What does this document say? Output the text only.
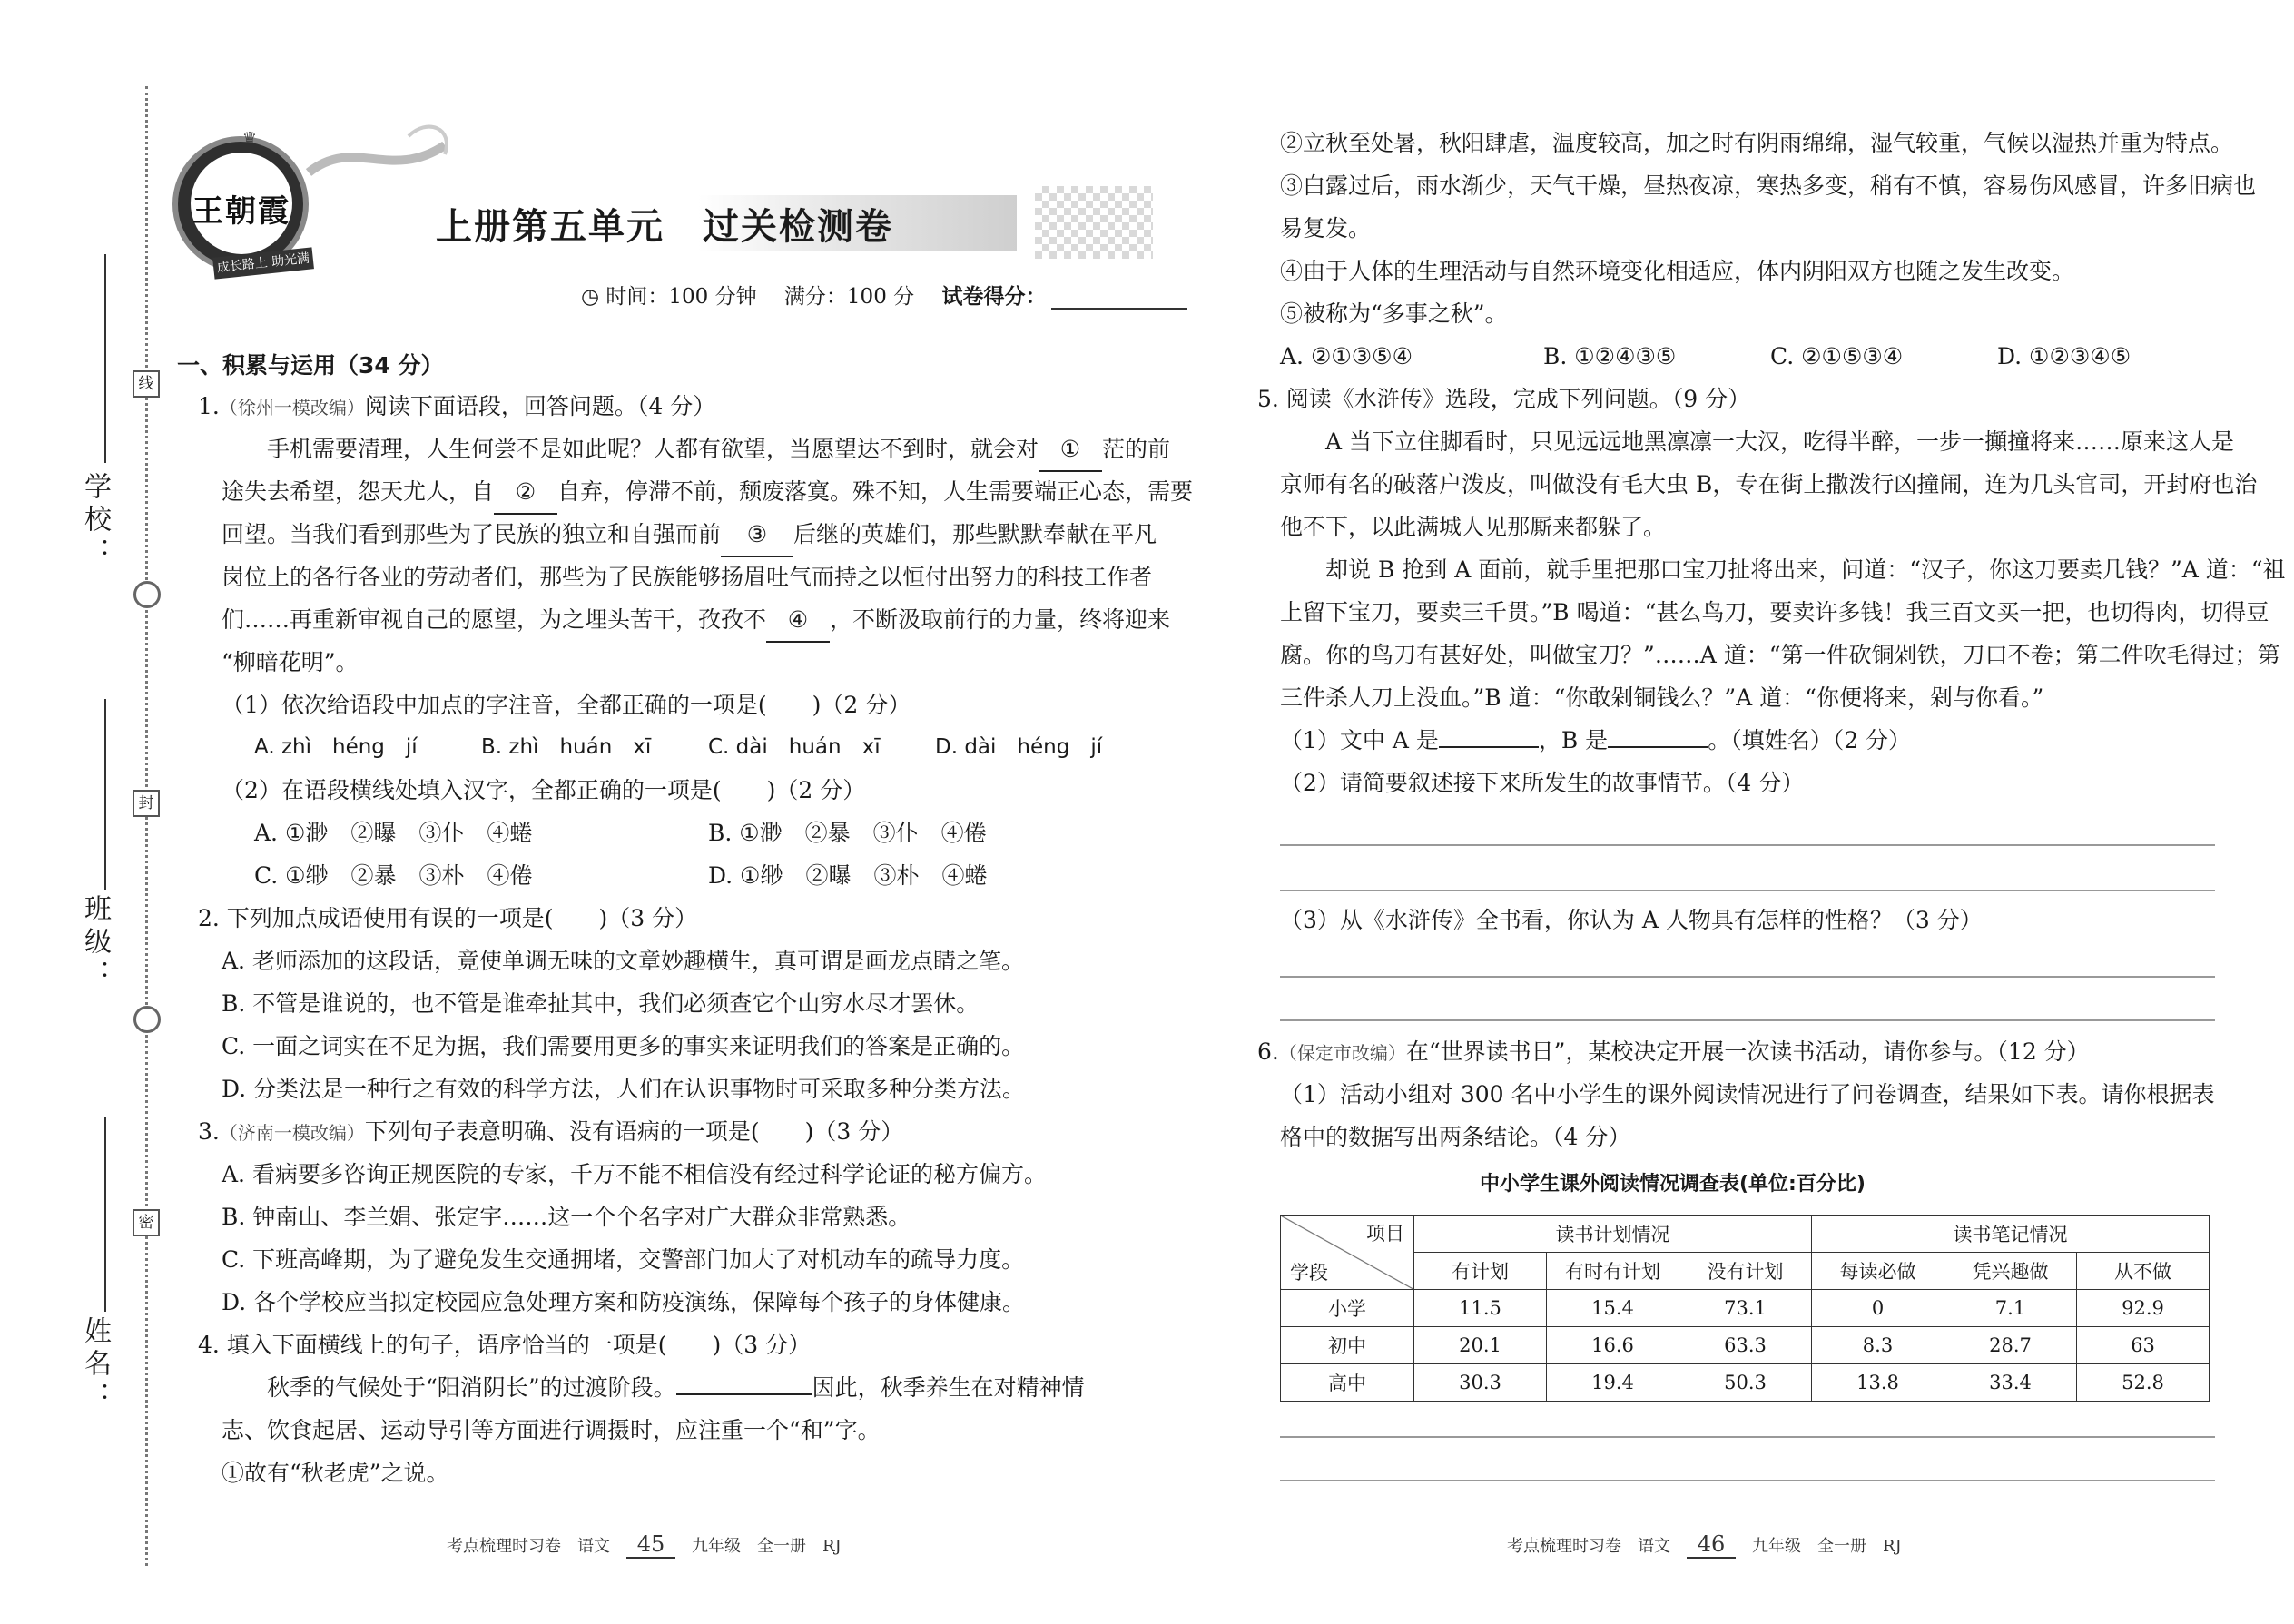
学校：
班级：
姓名：
线
封
密
王朝霞
成长路上 助光满天
♛
上册第五单元　过关检测卷
◷ 时间：100 分钟　 满分：100 分　 试卷得分：
一、积累与运用（34 分）
1.（徐州一模改编）阅读下面语段，回答问题。（4 分）
手机需要清理，人生何尝不是如此呢？人都有欲望，当愿望达不到时，就会对 ① 茫的前
途失去希望，怨天尤人，自 ② 自弃，停滞不前，颓废落寞。殊不知，人生需要端正心态，需要
回望。当我们看到那些为了民族的独立和自强而前 ③ 后继的英雄们，那些默默奉献在平凡
岗位上的各行各业的劳动者们，那些为了民族能够扬眉吐气而持之以恒付出努力的科技工作者
们……再重新审视自己的愿望，为之埋头苦干，孜孜不 ④ ，不断汲取前行的力量，终将迎来
“柳暗花明”。
（1）依次给语段中加点的字注音，全都正确的一项是(　　)（2 分）
A. zhì　héng　jí	B. zhì　huán　xī	C. dài　huán　xī	D. dài　héng　jí
（2）在语段横线处填入汉字，全都正确的一项是(　　)（2 分）
A. ①渺　②曝　③仆　④蜷	B. ①渺　②暴　③仆　④倦
C. ①缈　②暴　③朴　④倦	D. ①缈　②曝　③朴　④蜷
2. 下列加点成语使用有误的一项是(　　)（3 分）
A. 老师添加的这段话，竟使单调无味的文章妙趣横生，真可谓是画龙点睛之笔。
B. 不管是谁说的，也不管是谁牵扯其中，我们必须查它个山穷水尽才罢休。
C. 一面之词实在不足为据，我们需要用更多的事实来证明我们的答案是正确的。
D. 分类法是一种行之有效的科学方法，人们在认识事物时可采取多种分类方法。
3.（济南一模改编）下列句子表意明确、没有语病的一项是(　　)（3 分）
A. 看病要多咨询正规医院的专家，千万不能不相信没有经过科学论证的秘方偏方。
B. 钟南山、李兰娟、张定宇……这一个个名字对广大群众非常熟悉。
C. 下班高峰期，为了避免发生交通拥堵，交警部门加大了对机动车的疏导力度。
D. 各个学校应当拟定校园应急处理方案和防疫演练，保障每个孩子的身体健康。
4. 填入下面横线上的句子，语序恰当的一项是(　　)（3 分）
秋季的气候处于“阳消阴长”的过渡阶段。	因此，秋季养生在对精神情
志、饮食起居、运动导引等方面进行调摄时，应注重一个“和”字。
①故有“秋老虎”之说。
考点梳理时习卷　语文 45 九年级　全一册　RJ
②立秋至处暑，秋阳肆虐，温度较高，加之时有阴雨绵绵，湿气较重，气候以湿热并重为特点。
③白露过后，雨水渐少，天气干燥，昼热夜凉，寒热多变，稍有不慎，容易伤风感冒，许多旧病也
易复发。
④由于人体的生理活动与自然环境变化相适应，体内阴阳双方也随之发生改变。
⑤被称为“多事之秋”。
A. ②①③⑤④	B. ①②④③⑤	C. ②①⑤③④	D. ①②③④⑤
5. 阅读《水浒传》选段，完成下列问题。（9 分）
A 当下立住脚看时，只见远远地黑凛凛一大汉，吃得半醉，一步一攧撞将来……原来这人是
京师有名的破落户泼皮，叫做没有毛大虫 B，专在街上撒泼行凶撞闹，连为几头官司，开封府也治
他不下，以此满城人见那厮来都躲了。
却说 B 抢到 A 面前，就手里把那口宝刀扯将出来，问道：“汉子，你这刀要卖几钱？”A 道：“祖
上留下宝刀，要卖三千贯。”B 喝道：“甚么鸟刀，要卖许多钱！我三百文买一把，也切得肉，切得豆
腐。你的鸟刀有甚好处，叫做宝刀？”……A 道：“第一件砍铜剁铁，刀口不卷；第二件吹毛得过；第
三件杀人刀上没血。”B 道：“你敢剁铜钱么？”A 道：“你便将来，剁与你看。”
（1）文中 A 是	，B 是	。（填姓名）（2 分）
（2）请简要叙述接下来所发生的故事情节。（4 分）
（3）从《水浒传》全书看，你认为 A 人物具有怎样的性格？（3 分）
6.（保定市改编）在“世界读书日”，某校决定开展一次读书活动，请你参与。（12 分）
（1）活动小组对 300 名中小学生的课外阅读情况进行了问卷调查，结果如下表。请你根据表
格中的数据写出两条结论。（4 分）
中小学生课外阅读情况调查表(单位:百分比)
项目
学段	读书计划情况			读书笔记情况		
	有计划	有时有计划	没有计划	每读必做	凭兴趣做	从不做
小学	11.5	15.4	73.1	0	7.1	92.9
初中	20.1	16.6	63.3	8.3	28.7	63
高中	30.3	19.4	50.3	13.8	33.4	52.8
考点梳理时习卷　语文 46 九年级　全一册　RJ
